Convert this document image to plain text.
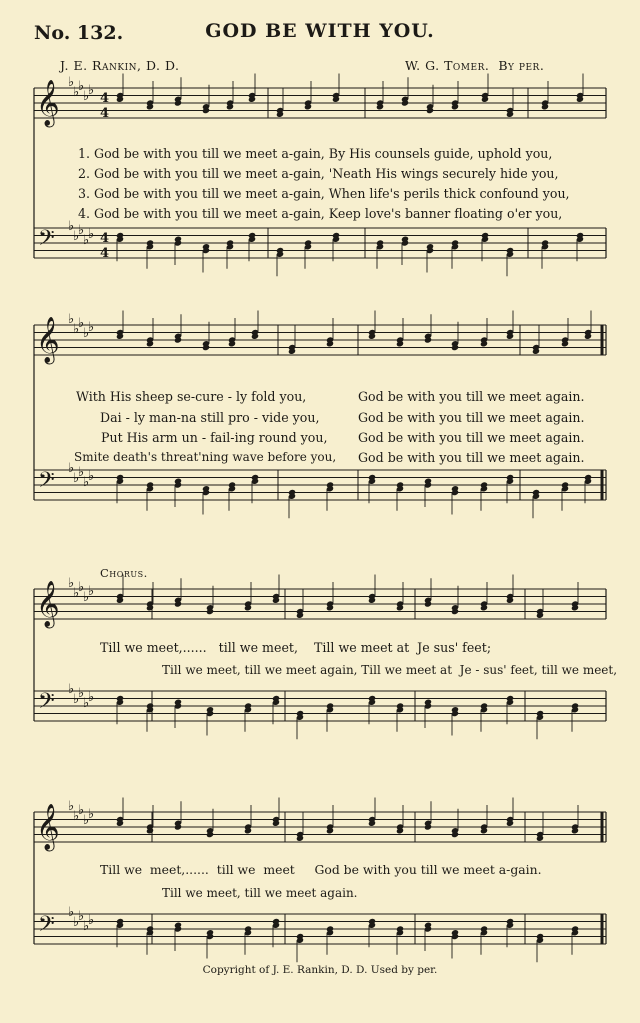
No. 132.	GOD BE WITH YOU.
J. E. Rankin, D. D.	W. G. Tomer. By per.
𝄞
𝄢
♭
♭
♭
♭
♭
♭
♭
♭
♭
♭
4
4
4
4
𝄞
𝄢
♭
♭
♭
♭
♭
♭
♭
♭
♭
♭
𝄞
𝄢
♭
♭
♭
♭
♭
♭
♭
♭
♭
♭
𝄞
𝄢
♭
♭
♭
♭
♭
♭
♭
♭
♭
♭
1. God be with you till we meet a-gain, By His counsels guide, uphold you,
2. God be with you till we meet a-gain, 'Neath His wings securely hide you,
3. God be with you till we meet a-gain, When life's perils thick confound you,
4. God be with you till we meet a-gain, Keep love's banner floating o'er you,
With His sheep se-cure - ly fold you,	God be with you till we meet again.
Dai - ly man-na still pro - vide you,	God be with you till we meet again.
Put His arm un - fail-ing round you, God be with you till we meet again.
Smite death's threat'ning wave before you, God be with you till we meet again.
Chorus.
Till we meet,......   till we meet,    Till we meet at  Je sus' feet;
Till we meet, till we meet again, Till we meet at  Je - sus' feet, till we meet,
Till we  meet,......  till we  meet     God be with you till we meet a-gain.
Till we meet, till we meet again.
Copyright of J. E. Rankin, D. D. Used by per.
